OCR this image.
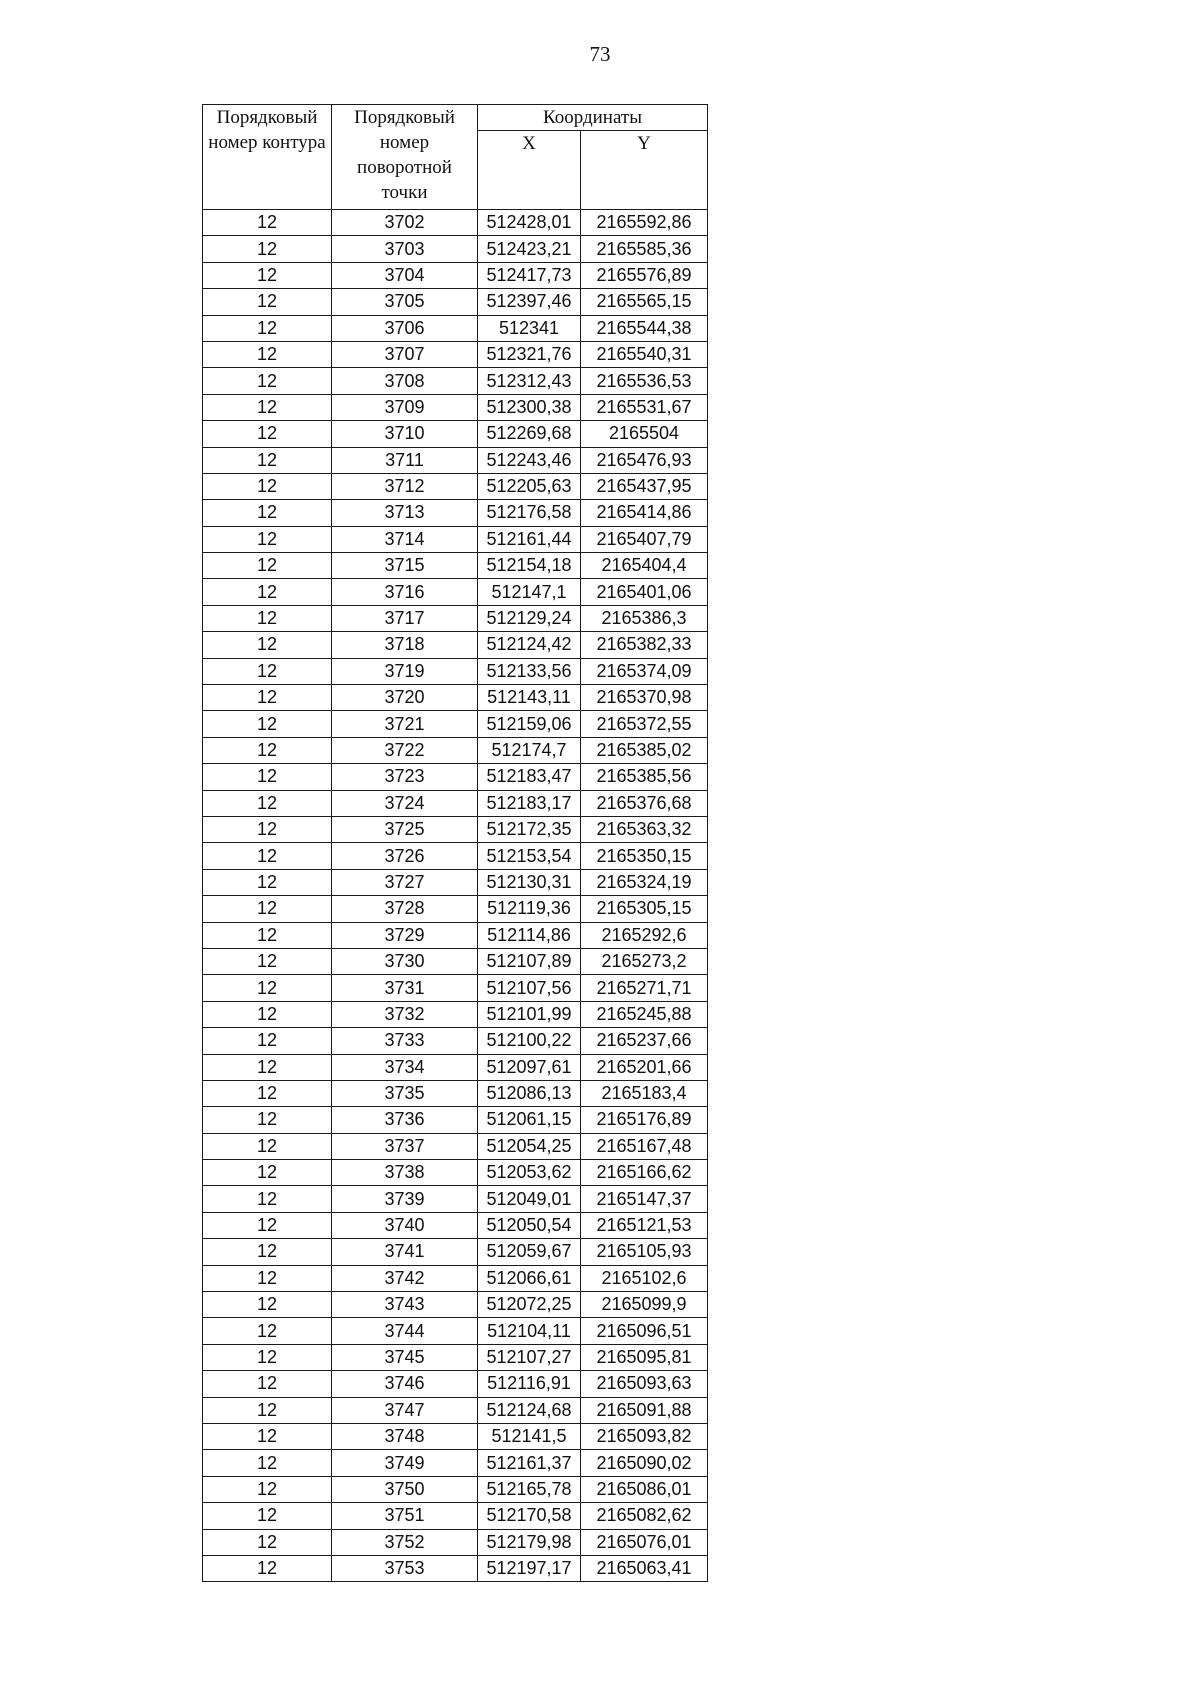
73
Порядковый номер контура	Порядковый номер поворотной точки	Координаты	
		X	Y
12	3702	512428,01	2165592,86
12	3703	512423,21	2165585,36
12	3704	512417,73	2165576,89
12	3705	512397,46	2165565,15
12	3706	512341	2165544,38
12	3707	512321,76	2165540,31
12	3708	512312,43	2165536,53
12	3709	512300,38	2165531,67
12	3710	512269,68	2165504
12	3711	512243,46	2165476,93
12	3712	512205,63	2165437,95
12	3713	512176,58	2165414,86
12	3714	512161,44	2165407,79
12	3715	512154,18	2165404,4
12	3716	512147,1	2165401,06
12	3717	512129,24	2165386,3
12	3718	512124,42	2165382,33
12	3719	512133,56	2165374,09
12	3720	512143,11	2165370,98
12	3721	512159,06	2165372,55
12	3722	512174,7	2165385,02
12	3723	512183,47	2165385,56
12	3724	512183,17	2165376,68
12	3725	512172,35	2165363,32
12	3726	512153,54	2165350,15
12	3727	512130,31	2165324,19
12	3728	512119,36	2165305,15
12	3729	512114,86	2165292,6
12	3730	512107,89	2165273,2
12	3731	512107,56	2165271,71
12	3732	512101,99	2165245,88
12	3733	512100,22	2165237,66
12	3734	512097,61	2165201,66
12	3735	512086,13	2165183,4
12	3736	512061,15	2165176,89
12	3737	512054,25	2165167,48
12	3738	512053,62	2165166,62
12	3739	512049,01	2165147,37
12	3740	512050,54	2165121,53
12	3741	512059,67	2165105,93
12	3742	512066,61	2165102,6
12	3743	512072,25	2165099,9
12	3744	512104,11	2165096,51
12	3745	512107,27	2165095,81
12	3746	512116,91	2165093,63
12	3747	512124,68	2165091,88
12	3748	512141,5	2165093,82
12	3749	512161,37	2165090,02
12	3750	512165,78	2165086,01
12	3751	512170,58	2165082,62
12	3752	512179,98	2165076,01
12	3753	512197,17	2165063,41
